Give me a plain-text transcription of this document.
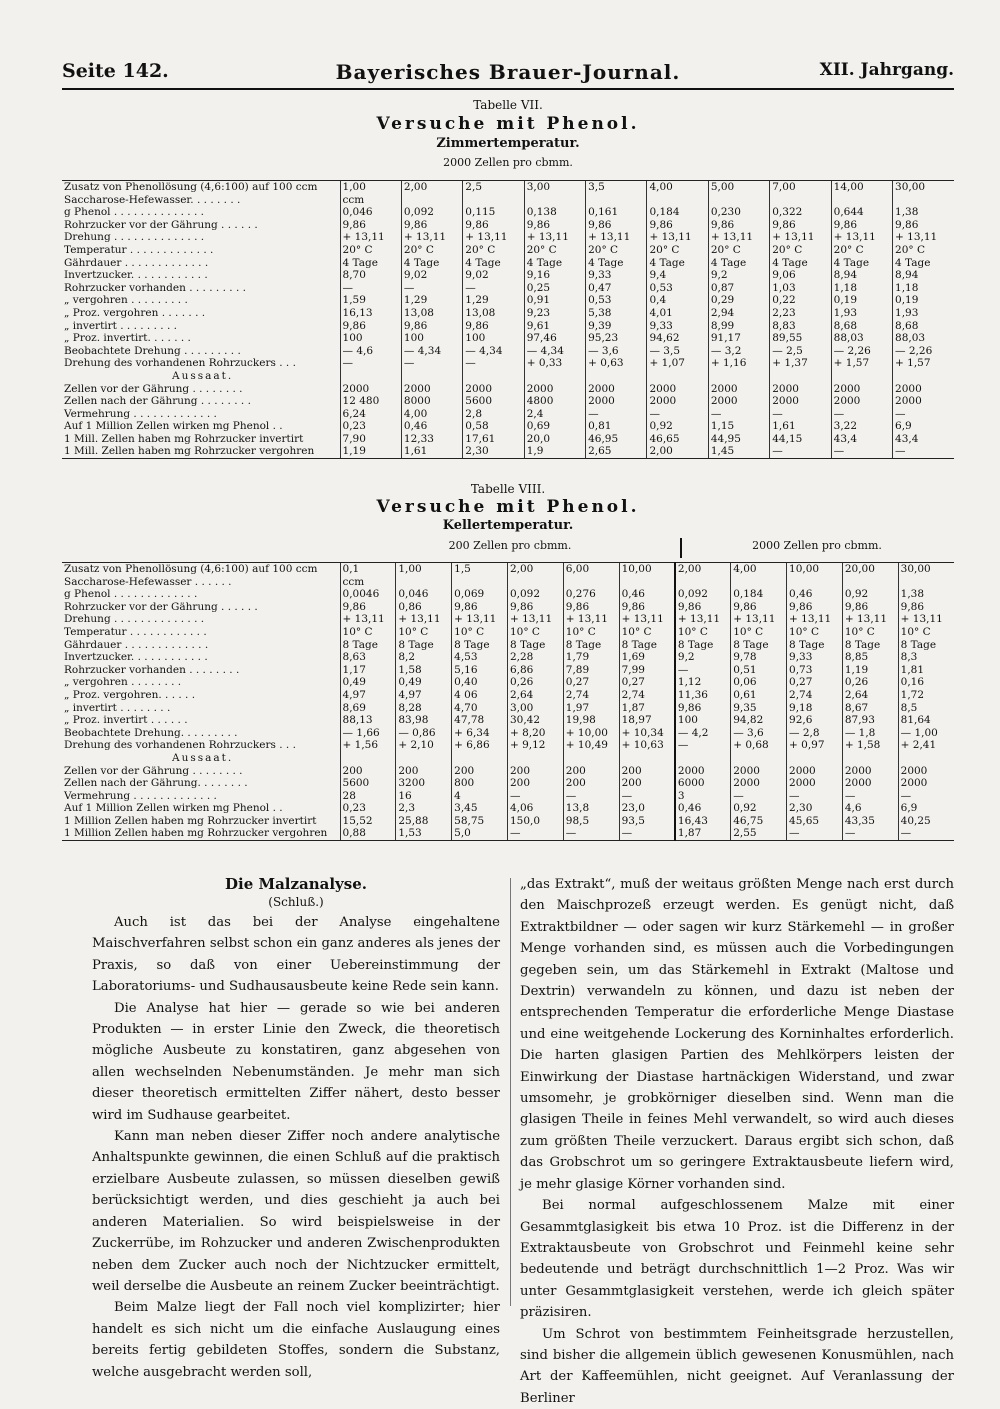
Seite 142.	Bayerisches Brauer-Journal.	XII. Jahrgang.
Tabelle VII.
Versuche mit Phenol.
Zimmertemperatur.
2000 Zellen pro cbmm.
Zusatz von Phenollösung (4,6:100) auf 100 ccm	1,00	2,00	2,5	3,00	3,5	4,00	5,00	7,00	14,00	30,00
Saccharose-Hefewasser. . . . . . . .	ccm									
g Phenol . . . . . . . . . . . . . .	0,046	0,092	0,115	0,138	0,161	0,184	0,230	0,322	0,644	1,38
Rohrzucker vor der Gährung . . . . . .	9,86	9,86	9,86	9,86	9,86	9,86	9,86	9,86	9,86	9,86
Drehung . . . . . . . . . . . . . .	+ 13,11	+ 13,11	+ 13,11	+ 13,11	+ 13,11	+ 13,11	+ 13,11	+ 13,11	+ 13,11	+ 13,11
Temperatur . . . . . . . . . . . . .	20° C	20° C	20° C	20° C	20° C	20° C	20° C	20° C	20° C	20° C
Gährdauer . . . . . . . . . . . . .	4 Tage	4 Tage	4 Tage	4 Tage	4 Tage	4 Tage	4 Tage	4 Tage	4 Tage	4 Tage
Invertzucker. . . . . . . . . . . .	8,70	9,02	9,02	9,16	9,33	9,4	9,2	9,06	8,94	8,94
Rohrzucker vorhanden . . . . . . . . .	—	—	—	0,25	0,47	0,53	0,87	1,03	1,18	1,18
„ vergohren . . . . . . . . .	1,59	1,29	1,29	0,91	0,53	0,4	0,29	0,22	0,19	0,19
„ Proz. vergohren . . . . . . .	16,13	13,08	13,08	9,23	5,38	4,01	2,94	2,23	1,93	1,93
„ invertirt . . . . . . . . .	9,86	9,86	9,86	9,61	9,39	9,33	8,99	8,83	8,68	8,68
„ Proz. invertirt. . . . . . .	100	100	100	97,46	95,23	94,62	91,17	89,55	88,03	88,03
Beobachtete Drehung . . . . . . . . .	— 4,6	— 4,34	— 4,34	— 4,34	— 3,6	— 3,5	— 3,2	— 2,5	— 2,26	— 2,26
Drehung des vorhandenen Rohrzuckers . . .	—	—	—	+ 0,33	+ 0,63	+ 1,07	+ 1,16	+ 1,37	+ 1,57	+ 1,57
Aussaat.										
Zellen vor der Gährung . . . . . . . .	2000	2000	2000	2000	2000	2000	2000	2000	2000	2000
Zellen nach der Gährung . . . . . . . .	12 480	8000	5600	4800	2000	2000	2000	2000	2000	2000
Vermehrung . . . . . . . . . . . . .	6,24	4,00	2,8	2,4	—	—	—	—	—	—
Auf 1 Million Zellen wirken mg Phenol . .	0,23	0,46	0,58	0,69	0,81	0,92	1,15	1,61	3,22	6,9
1 Mill. Zellen haben mg Rohrzucker invertirt	7,90	12,33	17,61	20,0	46,95	46,65	44,95	44,15	43,4	43,4
1 Mill. Zellen haben mg Rohrzucker vergohren	1,19	1,61	2,30	1,9	2,65	2,00	1,45	—	—	—
Tabelle VIII.
Versuche mit Phenol.
Kellertemperatur.
200 Zellen pro cbmm.	2000 Zellen pro cbmm.
Zusatz von Phenollösung (4,6:100) auf 100 ccm	0,1	1,00	1,5	2,00	6,00	10,00	2,00	4,00	10,00	20,00	30,00
Saccharose-Hefewasser . . . . . .	ccm										
g Phenol . . . . . . . . . . . . .	0,0046	0,046	0,069	0,092	0,276	0,46	0,092	0,184	0,46	0,92	1,38
Rohrzucker vor der Gährung . . . . . .	9,86	0,86	9,86	9,86	9,86	9,86	9,86	9,86	9,86	9,86	9,86
Drehung . . . . . . . . . . . . . .	+ 13,11	+ 13,11	+ 13,11	+ 13,11	+ 13,11	+ 13,11	+ 13,11	+ 13,11	+ 13,11	+ 13,11	+ 13,11
Temperatur . . . . . . . . . . . .	10° C	10° C	10° C	10° C	10° C	10° C	10° C	10° C	10° C	10° C	10° C
Gährdauer . . . . . . . . . . . . .	8 Tage	8 Tage	8 Tage	8 Tage	8 Tage	8 Tage	8 Tage	8 Tage	8 Tage	8 Tage	8 Tage
Invertzucker. . . . . . . . . . . .	8,63	8,2	4,53	2,28	1,79	1,69	9,2	9,78	9,33	8,85	8,3
Rohrzucker vorhanden . . . . . . . .	1,17	1,58	5,16	6,86	7,89	7,99	—	0,51	0,73	1,19	1,81
„ vergohren . . . . . . . .	0,49	0,49	0,40	0,26	0,27	0,27	1,12	0,06	0,27	0,26	0,16
„ Proz. vergohren. . . . . .	4,97	4,97	4 06	2,64	2,74	2,74	11,36	0,61	2,74	2,64	1,72
„ invertirt . . . . . . . .	8,69	8,28	4,70	3,00	1,97	1,87	9,86	9,35	9,18	8,67	8,5
„ Proz. invertirt . . . . . .	88,13	83,98	47,78	30,42	19,98	18,97	100	94,82	92,6	87,93	81,64
Beobachtete Drehung. . . . . . . . .	— 1,66	— 0,86	+ 6,34	+ 8,20	+ 10,00	+ 10,34	— 4,2	— 3,6	— 2,8	— 1,8	— 1,00
Drehung des vorhandenen Rohrzuckers . . .	+ 1,56	+ 2,10	+ 6,86	+ 9,12	+ 10,49	+ 10,63	—	+ 0,68	+ 0,97	+ 1,58	+ 2,41
Aussaat.											
Zellen vor der Gährung . . . . . . . .	200	200	200	200	200	200	2000	2000	2000	2000	2000
Zellen nach der Gährung. . . . . . . .	5600	3200	800	200	200	200	6000	2000	2000	2000	2000
Vermehrung . . . . . . . . . . . . .	28	16	4	—	—	—	3	—	—	—	—
Auf 1 Million Zellen wirken mg Phenol . .	0,23	2,3	3,45	4,06	13,8	23,0	0,46	0,92	2,30	4,6	6,9
1 Million Zellen haben mg Rohrzucker invertirt	15,52	25,88	58,75	150,0	98,5	93,5	16,43	46,75	45,65	43,35	40,25
1 Million Zellen haben mg Rohrzucker vergohren	0,88	1,53	5,0	—	—	—	1,87	2,55	—	—	—
Die Malzanalyse.
(Schluß.)

Auch ist das bei der Analyse eingehaltene Maischverfahren selbst schon ein ganz anderes als jenes der Praxis, so daß von einer Uebereinstimmung der Laboratoriums- und Sudhausausbeute keine Rede sein kann.

Die Analyse hat hier — gerade so wie bei anderen Produkten — in erster Linie den Zweck, die theoretisch mögliche Ausbeute zu konstatiren, ganz abgesehen von allen wechselnden Nebenumständen. Je mehr man sich dieser theoretisch ermittelten Ziffer nähert, desto besser wird im Sudhause gearbeitet.

Kann man neben dieser Ziffer noch andere analytische Anhaltspunkte gewinnen, die einen Schluß auf die praktisch erzielbare Ausbeute zulassen, so müssen dieselben gewiß berücksichtigt werden, und dies geschieht ja auch bei anderen Materialien. So wird beispielsweise in der Zuckerrübe, im Rohzucker und anderen Zwischenprodukten neben dem Zucker auch noch der Nichtzucker ermittelt, weil derselbe die Ausbeute an reinem Zucker beeinträchtigt.

Beim Malze liegt der Fall noch viel komplizirter; hier handelt es sich nicht um die einfache Auslaugung eines bereits fertig gebildeten Stoffes, sondern die Substanz, welche ausgebracht werden soll,

„das Extrakt“, muß der weitaus größten Menge nach erst durch den Maischprozeß erzeugt werden. Es genügt nicht, daß Extraktbildner — oder sagen wir kurz Stärkemehl — in großer Menge vorhanden sind, es müssen auch die Vorbedingungen gegeben sein, um das Stärkemehl in Extrakt (Maltose und Dextrin) verwandeln zu können, und dazu ist neben der entsprechenden Temperatur die erforderliche Menge Diastase und eine weitgehende Lockerung des Korninhaltes erforderlich. Die harten glasigen Partien des Mehlkörpers leisten der Einwirkung der Diastase hartnäckigen Widerstand, und zwar umsomehr, je grobkörniger dieselben sind. Wenn man die glasigen Theile in feines Mehl verwandelt, so wird auch dieses zum größten Theile verzuckert. Daraus ergibt sich schon, daß das Grobschrot um so geringere Extraktausbeute liefern wird, je mehr glasige Körner vorhanden sind.

Bei normal aufgeschlossenem Malze mit einer Gesammtglasigkeit bis etwa 10 Proz. ist die Differenz in der Extraktausbeute von Grobschrot und Feinmehl keine sehr bedeutende und beträgt durchschnittlich 1—2 Proz. Was wir unter Gesammtglasigkeit verstehen, werde ich gleich später präzisiren.

Um Schrot von bestimmtem Feinheitsgrade herzustellen, sind bisher die allgemein üblich gewesenen Konusmühlen, nach Art der Kaffeemühlen, nicht geeignet. Auf Veranlassung der Berliner
